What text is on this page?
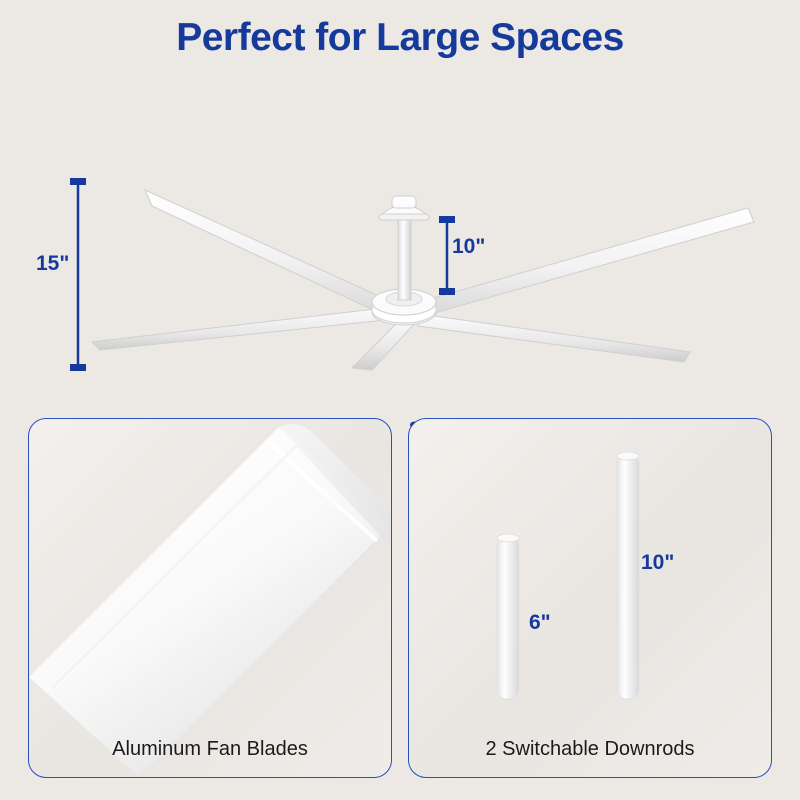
Perfect for Large Spaces
15"
10"
Aluminum Fan Blades
6"
10"
2 Switchable Downrods
